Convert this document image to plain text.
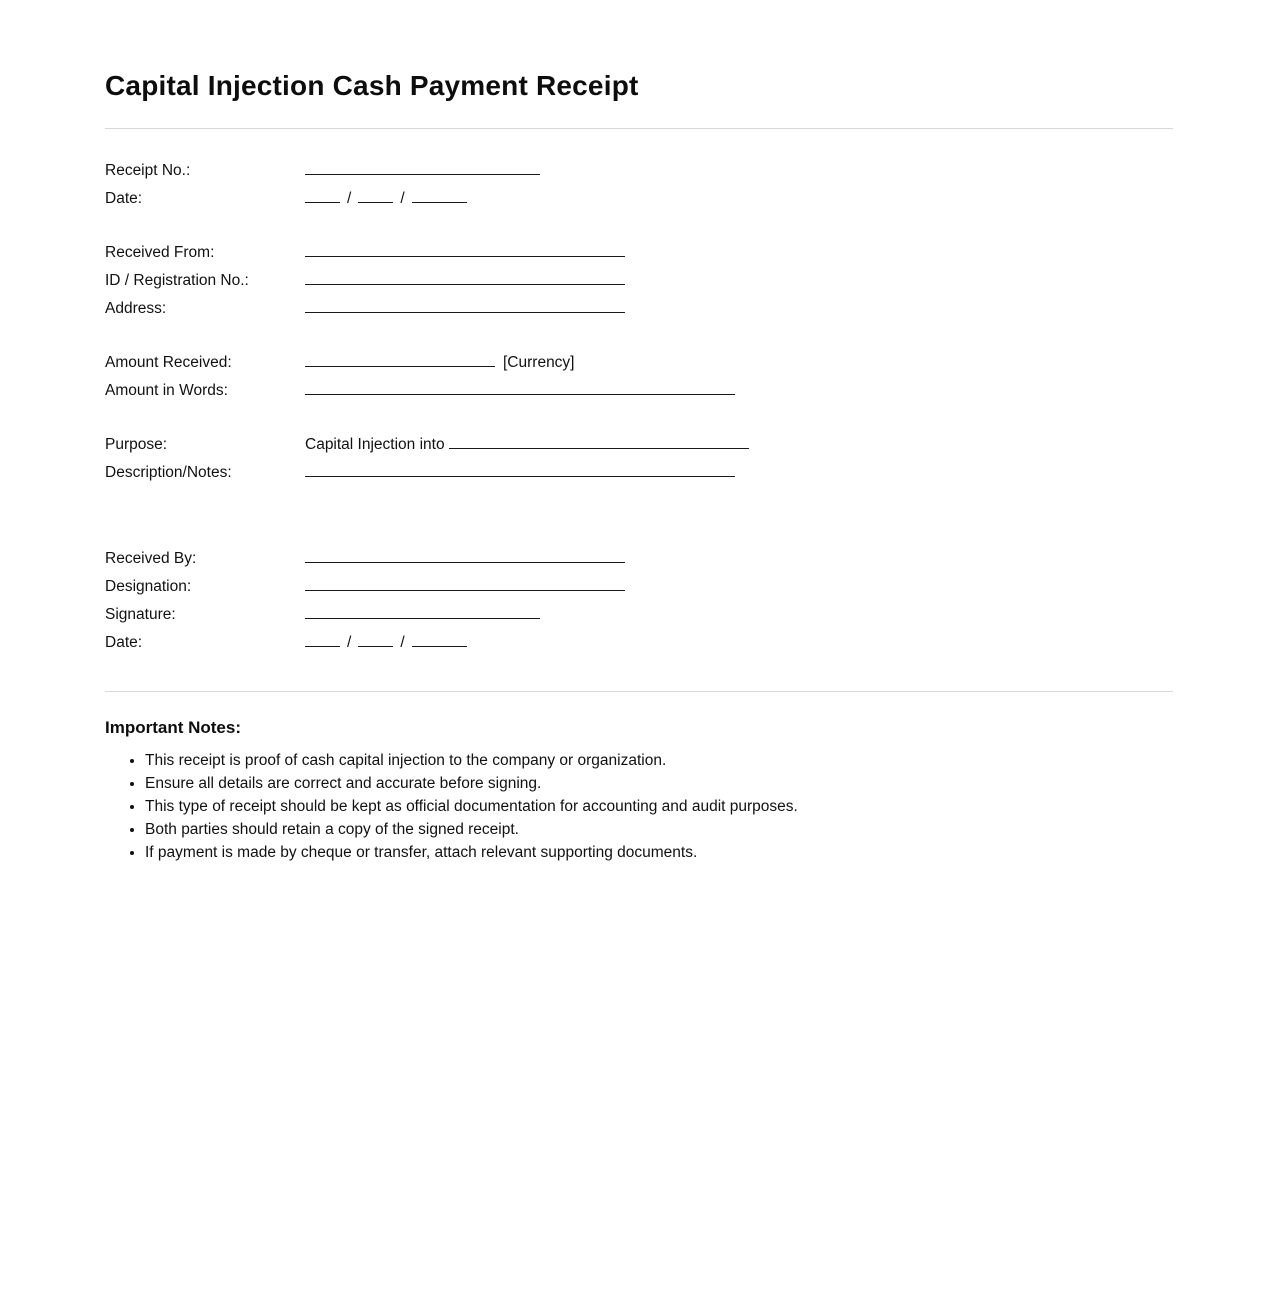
Capital Injection Cash Payment Receipt
Receipt No.:
Date:	/	/
Received From:
ID / Registration No.:
Address:
Amount Received:	[Currency]
Amount in Words:
Purpose:	Capital Injection into
Description/Notes:
Received By:
Designation:
Signature:
Date:	/	/
Important Notes:
• This receipt is proof of cash capital injection to the company or organization.
• Ensure all details are correct and accurate before signing.
• This type of receipt should be kept as official documentation for accounting and audit purposes.
• Both parties should retain a copy of the signed receipt.
• If payment is made by cheque or transfer, attach relevant supporting documents.
